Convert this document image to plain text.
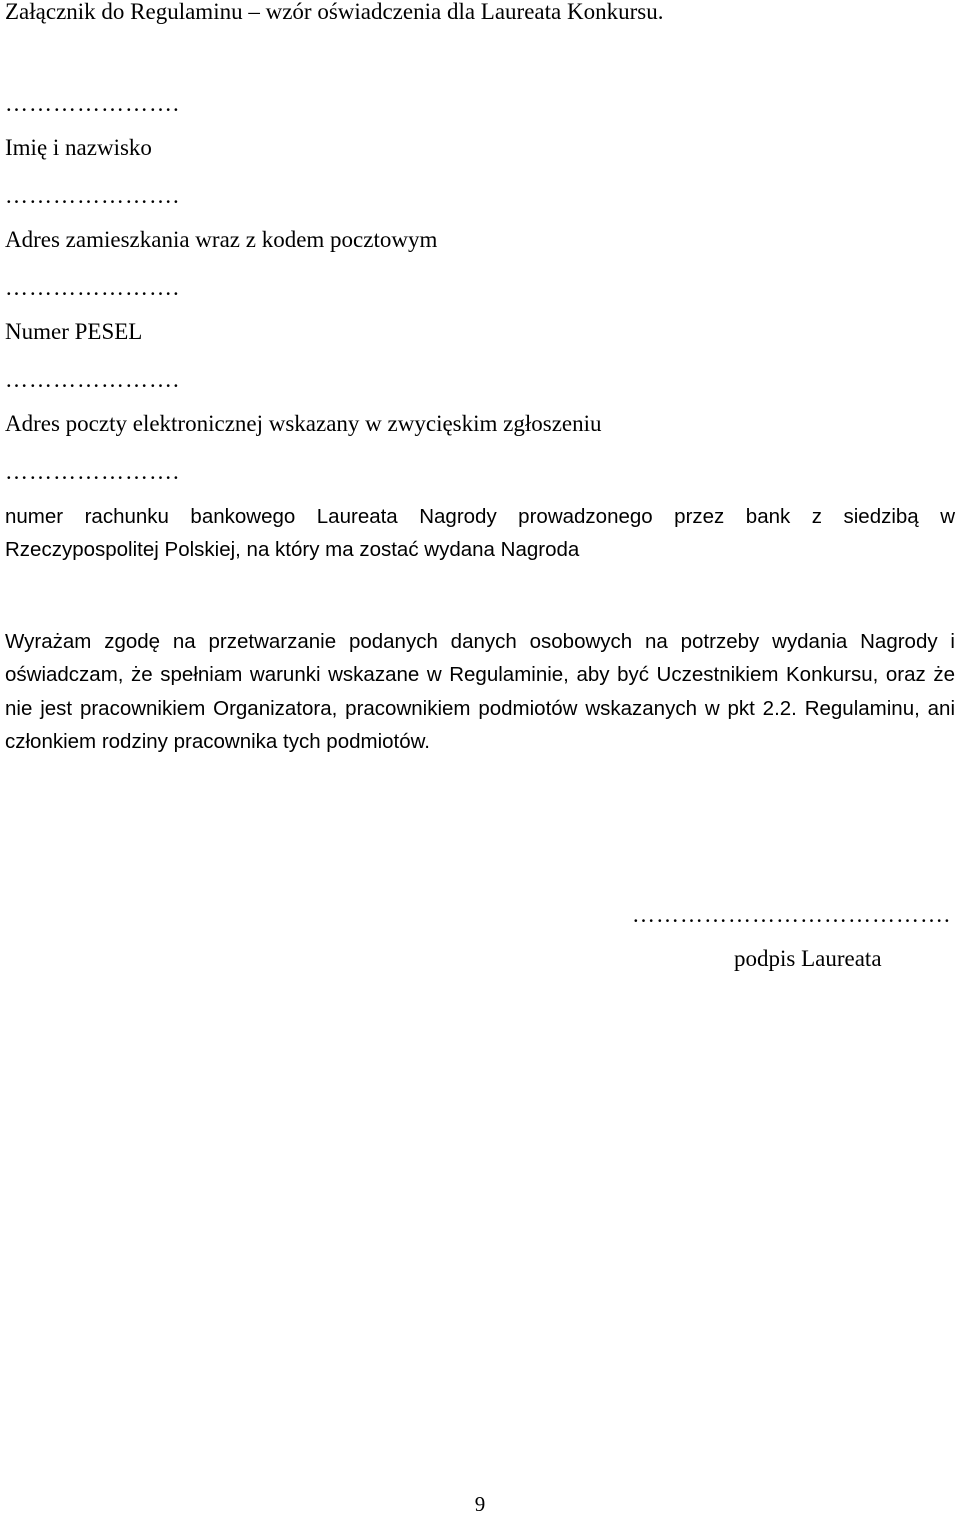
Załącznik do Regulaminu – wzór oświadczenia dla Laureata Konkursu.
………………….
Imię i nazwisko
………………….
Adres zamieszkania wraz z kodem pocztowym
………………….
Numer PESEL
………………….
Adres poczty elektronicznej wskazany w zwycięskim zgłoszeniu
………………….
numer rachunku bankowego Laureata Nagrody prowadzonego przez bank z siedzibą w Rzeczypospolitej Polskiej, na który ma zostać wydana Nagroda
Wyrażam zgodę na przetwarzanie podanych danych osobowych na potrzeby wydania Nagrody i oświadczam, że spełniam warunki wskazane w Regulaminie, aby być Uczestnikiem Konkursu, oraz że nie jest pracownikiem Organizatora, pracownikiem podmiotów wskazanych w pkt 2.2. Regulaminu, ani członkiem rodziny pracownika tych podmiotów.
………………………………….
podpis Laureata
9
